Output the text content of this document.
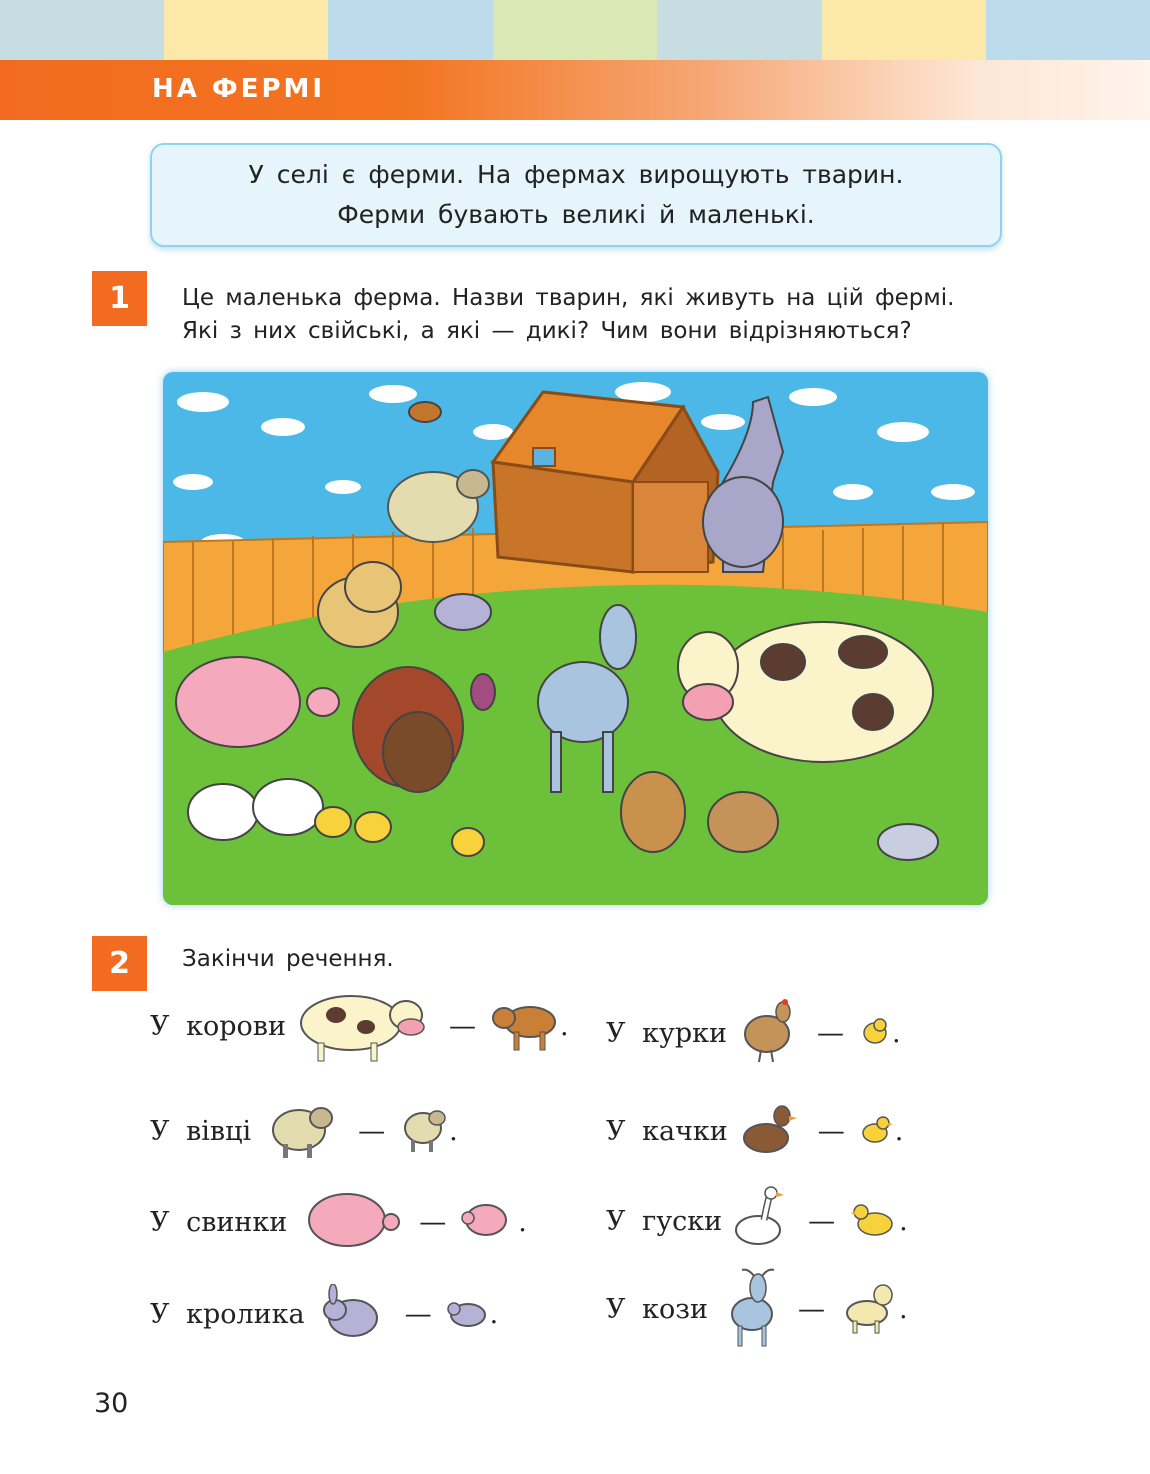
НА ФЕРМІ
У селі є ферми. На фермах вирощують тварин.
Ферми бувають великі й маленькі.
1	Це маленька ферма. Назви тварин, які живуть на цій фермі.
Які з них свійські, а які — дикі? Чим вони відрізняються?
2	Закінчи речення.
У корови	—	.
У вівці	— .
У свинки	—	.
У кролика	— .
У курки	— .
У качки	— .
У гуски	— .
У кози	—	.
30
